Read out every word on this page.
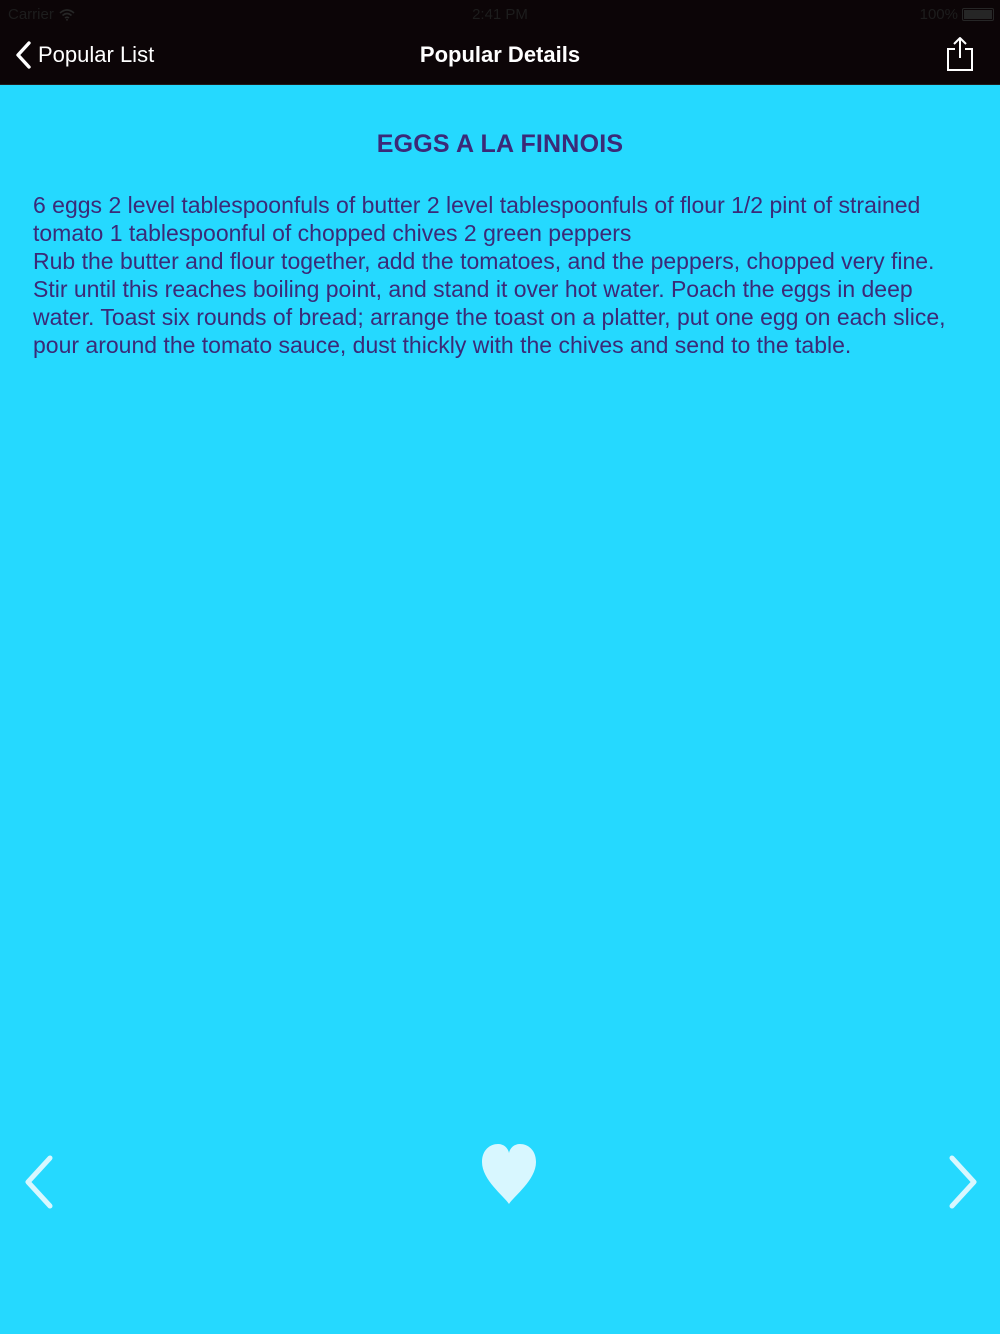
Carrier	2:41 PM	100%
Popular List	Popular Details
EGGS A LA FINNOIS

6 eggs 2 level tablespoonfuls of butter 2 level tablespoonfuls of flour 1/2 pint of strained tomato 1 tablespoonful of chopped chives 2 green peppers

Rub the butter and flour together, add the tomatoes, and the peppers, chopped very fine. Stir until this reaches boiling point, and stand it over hot water. Poach the eggs in deep water. Toast six rounds of bread; arrange the toast on a platter, put one egg on each slice, pour around the tomato sauce, dust thickly with the chives and send to the table.
